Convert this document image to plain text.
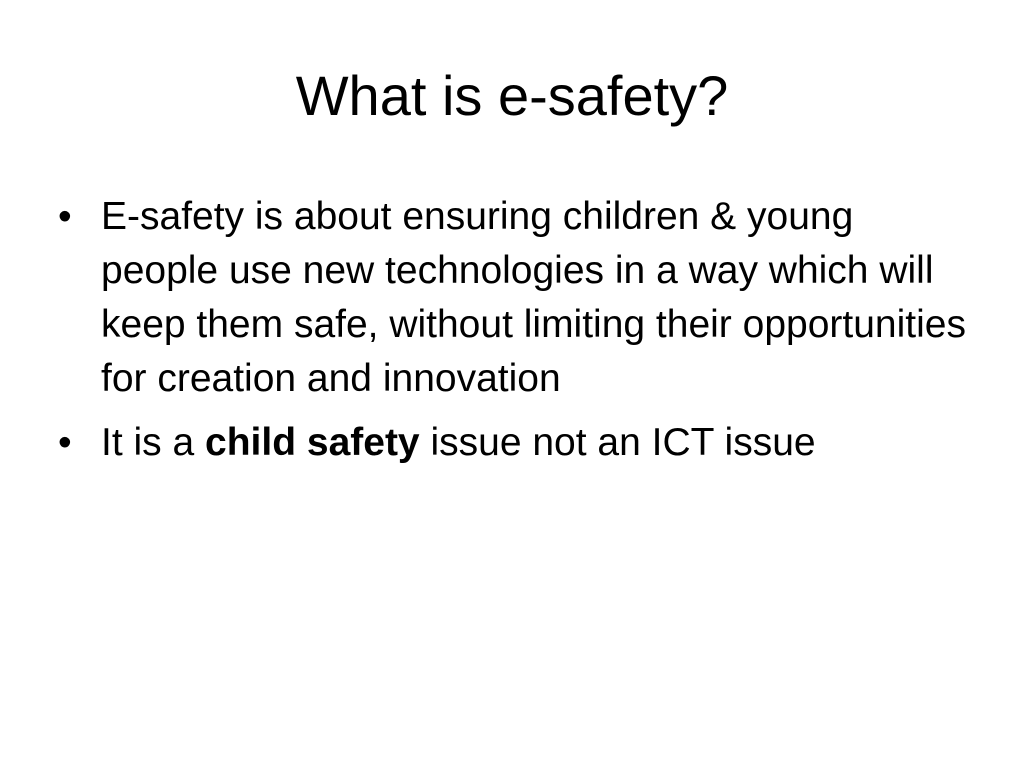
What is e-safety?
• E-safety is about ensuring children & young people use new technologies in a way which will keep them safe, without limiting their opportunities for creation and innovation
• It is a child safety issue not an ICT issue
